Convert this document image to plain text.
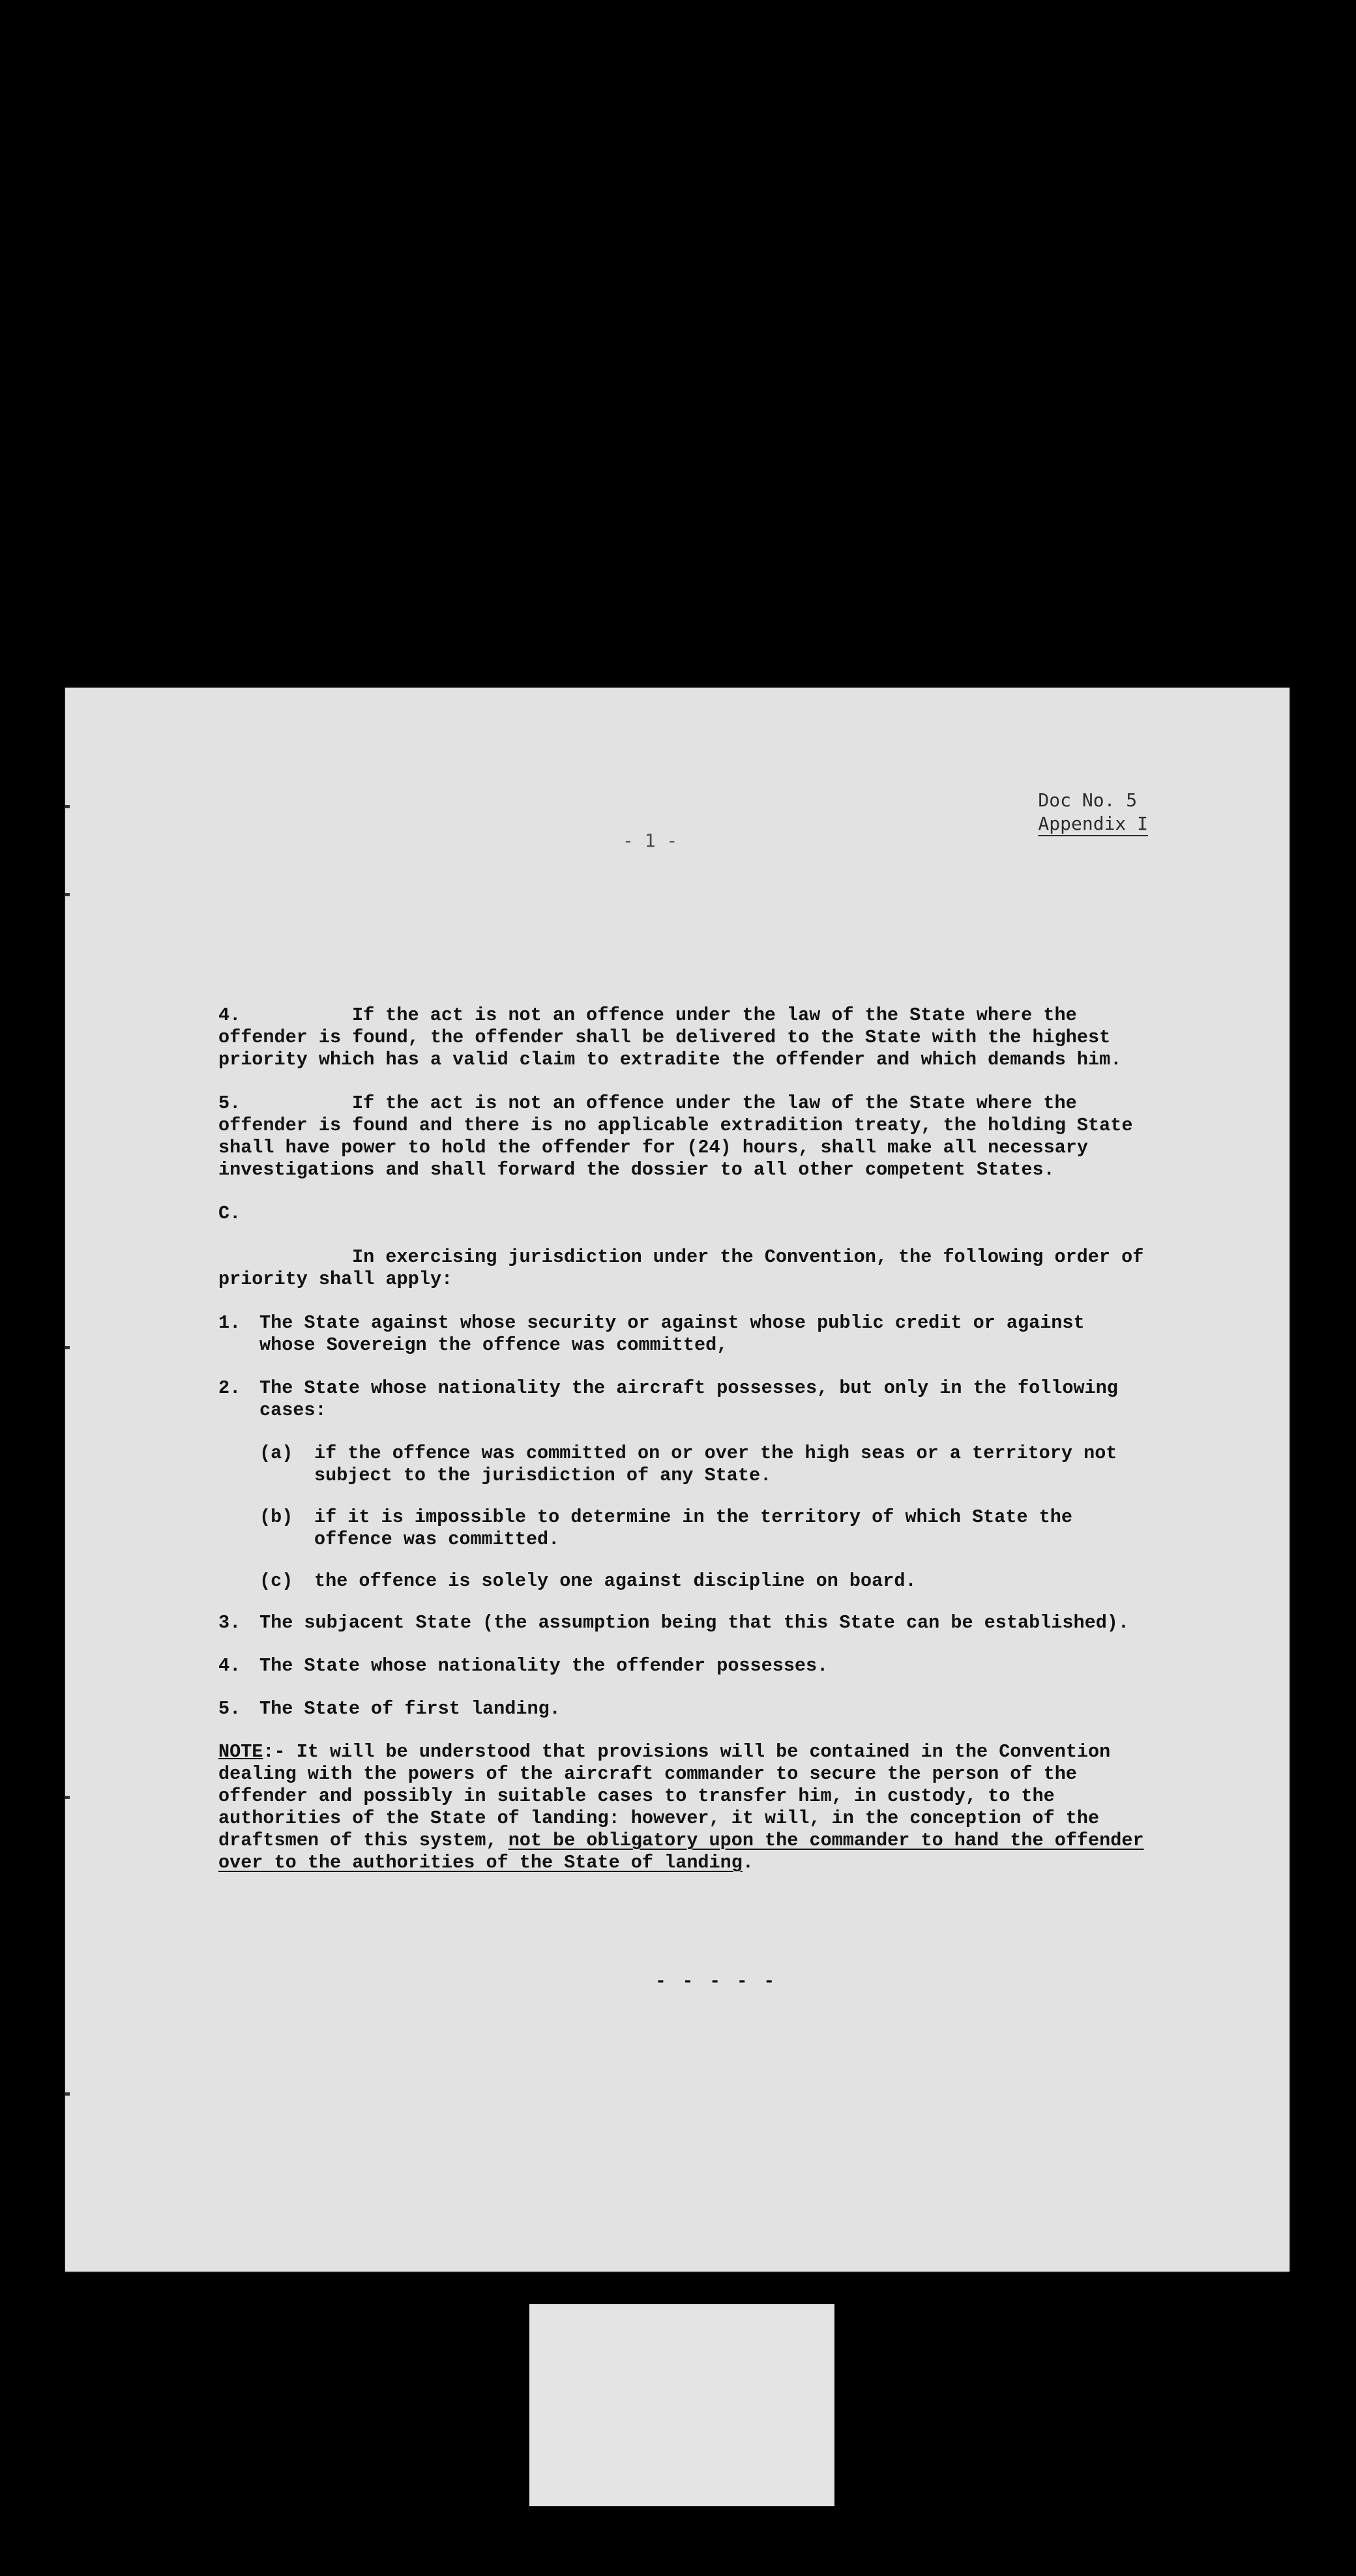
Doc No. 5
Appendix I
- 1 -
4.	If the act is not an offence under the law of the State where the offender is found, the offender shall be delivered to the State with the highest priority which has a valid claim to extradite the offender and which demands him.
5.	If the act is not an offence under the law of the State where the offender is found and there is no applicable extradition treaty, the holding State shall have power to hold the offender for (24) hours, shall make all necessary investigations and shall forward the dossier to all other competent States.
C.
In exercising jurisdiction under the Convention, the following order of priority shall apply:
1.	The State against whose security or against whose public credit or against whose Sovereign the offence was committed,
2.	The State whose nationality the aircraft possesses, but only in the following cases:
(a)	if the offence was committed on or over the high seas or a territory not subject to the jurisdiction of any State.
(b)	if it is impossible to determine in the territory of which State the offence was committed.
(c)	the offence is solely one against discipline on board.
3.	The subjacent State (the assumption being that this State can be established).
4.	The State whose nationality the offender possesses.
5.	The State of first landing.
NOTE:- It will be understood that provisions will be contained in the Convention dealing with the powers of the aircraft commander to secure the person of the offender and possibly in suitable cases to transfer him, in custody, to the authorities of the State of landing: however, it will, in the conception of the draftsmen of this system, not be obligatory upon the commander to hand the offender over to the authorities of the State of landing.
- - - - -
